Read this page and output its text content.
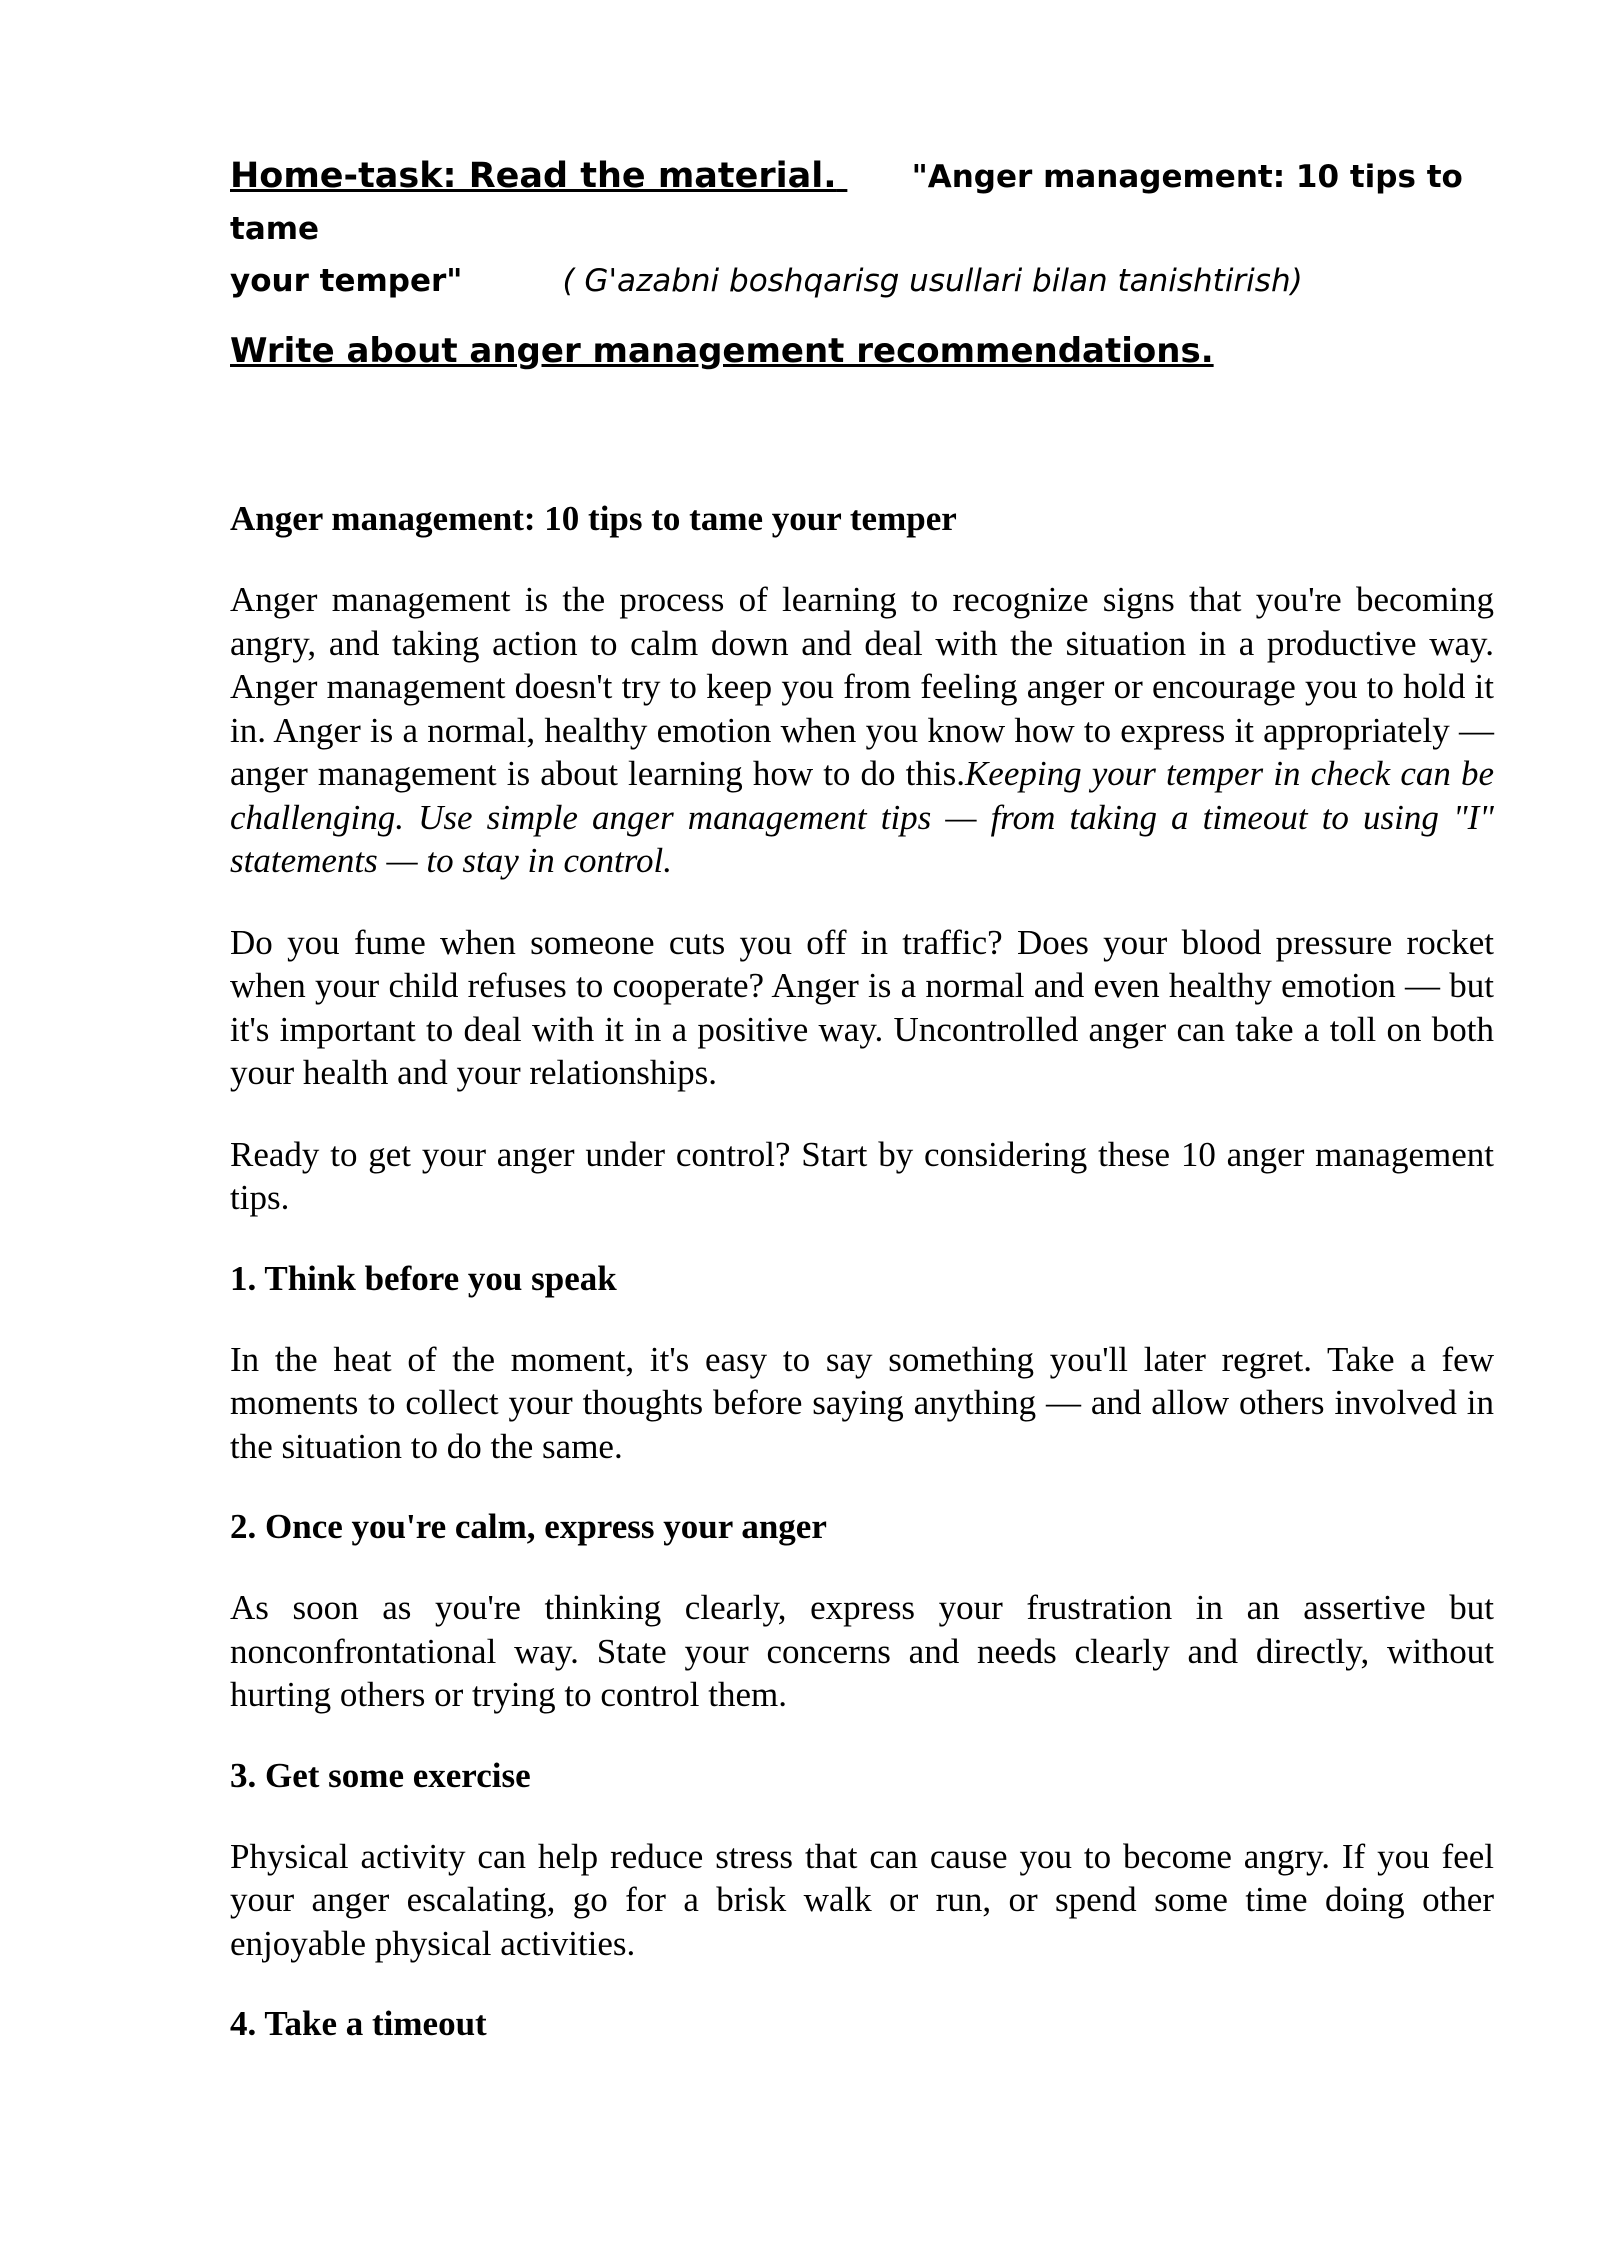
Home-task: Read the material. "Anger management: 10 tips to tame

your temper"	( G'azabni boshqarisg usullari bilan tanishtirish)

Write about anger management recommendations.

Anger management: 10 tips to tame your temper

Anger management is the process of learning to recognize signs that you're becoming angry, and taking action to calm down and deal with the situation in a productive way. Anger management doesn't try to keep you from feeling anger or encourage you to hold it in. Anger is a normal, healthy emotion when you know how to express it appropriately — anger management is about learning how to do this.Keeping your temper in check can be challenging. Use simple anger management tips — from taking a timeout to using "I" statements — to stay in control.

Do you fume when someone cuts you off in traffic? Does your blood pressure rocket when your child refuses to cooperate? Anger is a normal and even healthy emotion — but it's important to deal with it in a positive way. Uncontrolled anger can take a toll on both your health and your relationships.

Ready to get your anger under control? Start by considering these 10 anger management tips.

1. Think before you speak

In the heat of the moment, it's easy to say something you'll later regret. Take a few moments to collect your thoughts before saying anything — and allow others involved in the situation to do the same.

2. Once you're calm, express your anger

As soon as you're thinking clearly, express your frustration in an assertive but nonconfrontational way. State your concerns and needs clearly and directly, without hurting others or trying to control them.

3. Get some exercise

Physical activity can help reduce stress that can cause you to become angry. If you feel your anger escalating, go for a brisk walk or run, or spend some time doing other enjoyable physical activities.

4. Take a timeout
